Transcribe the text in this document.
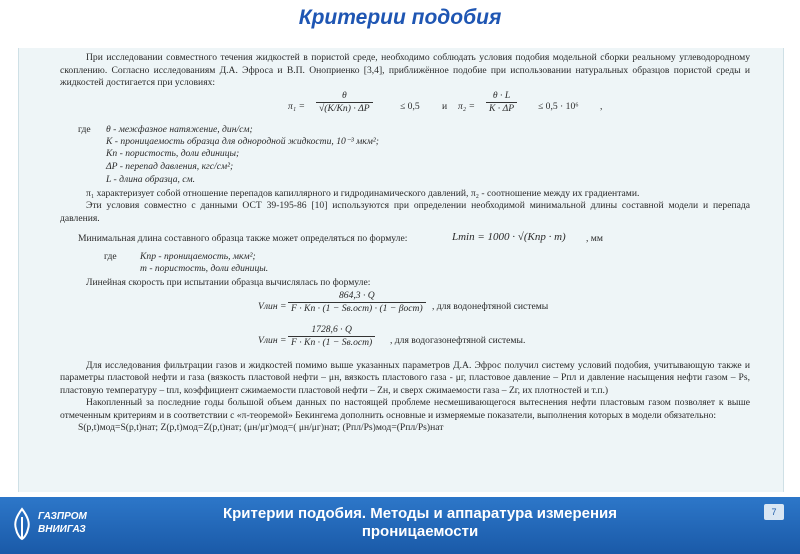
Критерии подобия

При исследовании совместного течения жидкостей в пористой среде, необходимо соблюдать условия подобия модельной сборки реальному углеводородному скоплению. Согласно исследованиям Д.А. Эфроса и В.П. Оноприенко [3,4], приближённое подобие при использовании натуральных образцов пористой среды и жидкостей достигается при условиях:

$\pi_1 = \frac{\theta}{√(K/Kп) \cdot \Delta P}$	≤ 0,5 и $\pi_2 = \frac{\theta \cdot L}{K \cdot \Delta P} \le 0,5 \cdot 10^6$ ,
где θ - межфазное натяжение, дин/см;
K - проницаемость образца для однородной жидкости, 10⁻³ мкм²;
Kп - пористость, доли единицы;
ΔP - перепад давления, кгс/см²;
L - длина образца, см.

π₁ характеризует собой отношение перепадов капиллярного и гидродинамического давлений, π₂ - соотношение между их градиентами.

Эти условия совместно с данными ОСТ 39-195-86 [10] используются при определении необходимой минимальной длины составной модели и перепада давления.

Минимальная длина составного образца также может определяться по формуле:	Lmin = 1000 · √(Kпр · m) , мм
где Kпр - проницаемость, мкм²;
m - пористость, доли единицы.

Линейная скорость при испытании образца вычислялась по формуле:

Vлин = $\frac{864,3 \cdot Q}{\text{F · Kп · (1 − Sв.ост) · (1 − βост)}}$ , для водонефтяной системы
Vлин = $\frac{1728,6 \cdot Q}{\text{F · Kп · (1 − Sв.ост)}}$ , для водогазонефтяной системы.

Для исследования фильтрации газов и жидкостей помимо выше указанных параметров Д.А. Эфрос получил систему условий подобия, учитывающую также и параметры пластовой нефти и газа (вязкость пластовой нефти – μн, вязкость пластового газа - μг, пластовое давление – Рпл и давление насыщения нефти газом – Рs, пластовую температуру – tпл, коэффициент сжимаемости пластовой нефти – Zн, и сверх сжимаемости газа – Zг, их плотностей и т.п.)

Накопленный за последние годы большой объем данных по настоящей проблеме несмешивающегося вытеснения нефти пластовым газом позволяет к выше отмеченным критериям и в соответствии с «π-теоремой» Бекингема дополнить основные и измеряемые показатели, выполнения которых в модели обязательно:

S(p,t)мод=S(p,t)нат; Z(p,t)мод=Z(p,t)нат; (μн/μг)мод=( μн/μг)нат; (Рпл/Рs)мод=(Рпл/Рs)нат
ГАЗПРОМ
ВНИИГАЗ
Критерии подобия. Методы и аппаратура измерения
проницаемости
7
